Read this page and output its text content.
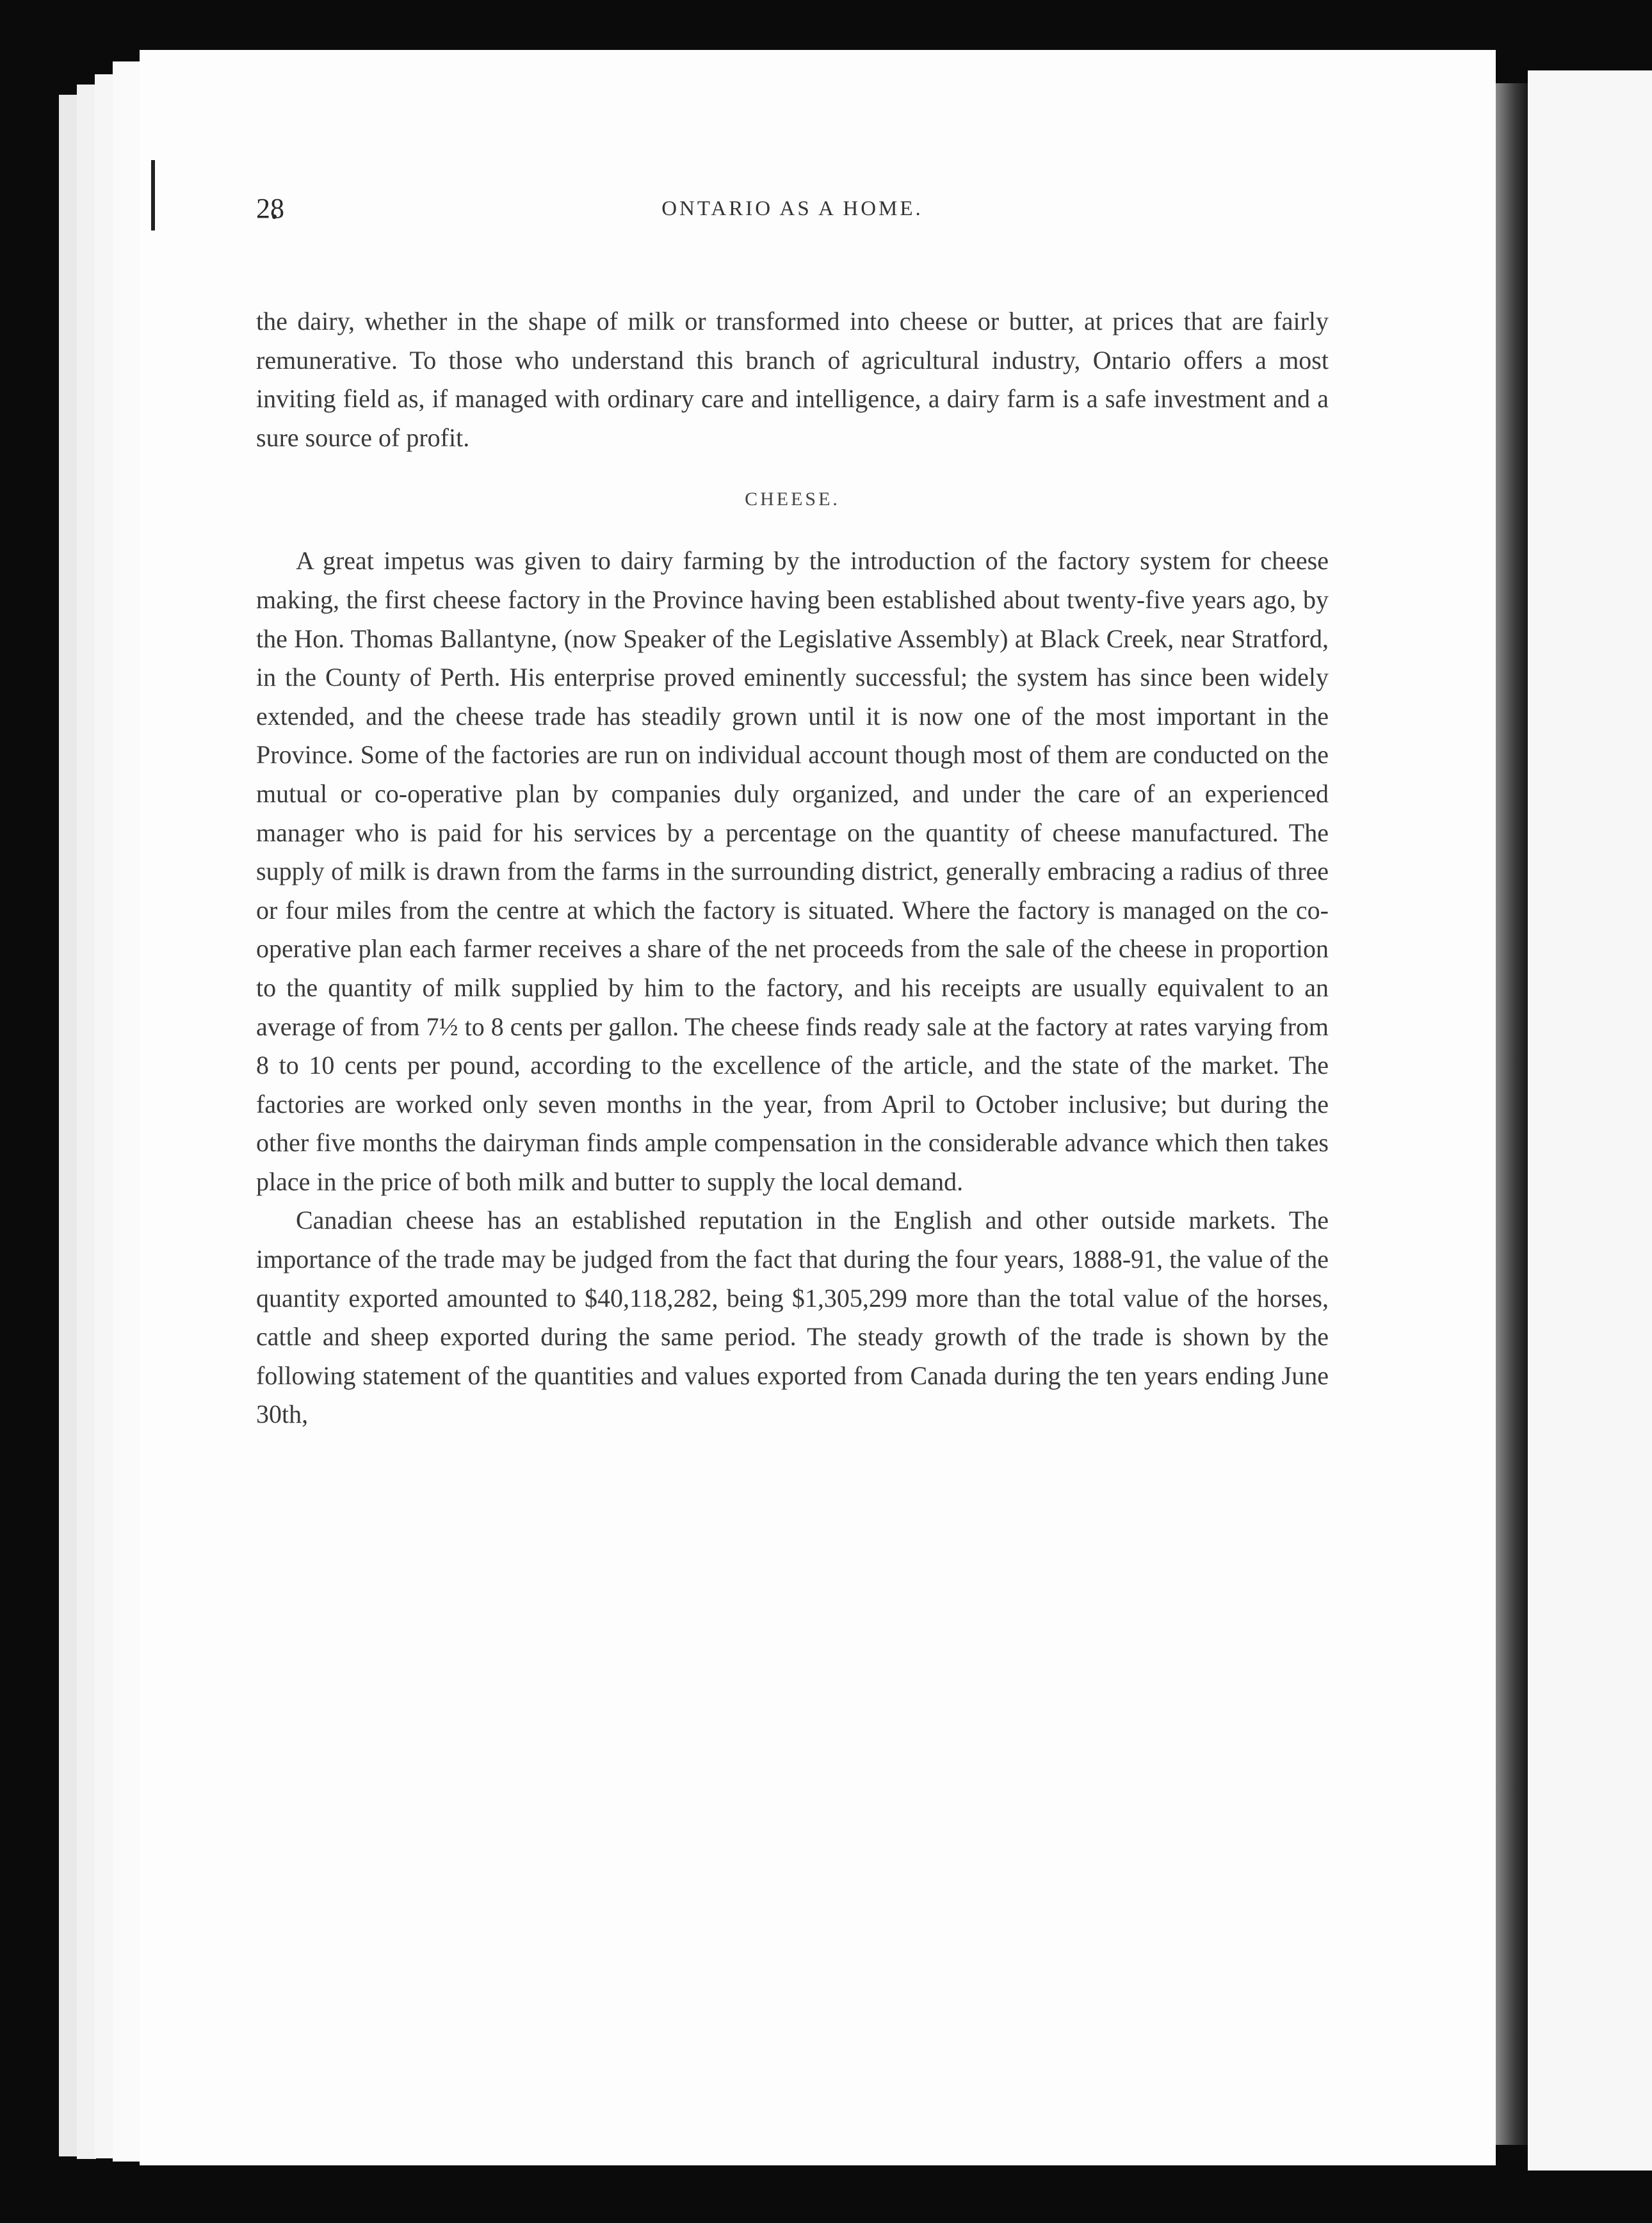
28	ONTARIO AS A HOME.

the dairy, whether in the shape of milk or transformed into cheese or butter, at prices that are fairly remunerative. To those who understand this branch of agricultural industry, Ontario offers a most inviting field as, if managed with ordinary care and intelligence, a dairy farm is a safe investment and a sure source of profit.

CHEESE.

A great impetus was given to dairy farming by the introduction of the factory system for cheese making, the first cheese factory in the Province having been established about twenty-five years ago, by the Hon. Thomas Ballantyne, (now Speaker of the Legislative Assembly) at Black Creek, near Stratford, in the County of Perth. His enterprise proved eminently successful; the system has since been widely extended, and the cheese trade has steadily grown until it is now one of the most important in the Province. Some of the factories are run on individual account though most of them are conducted on the mutual or co-operative plan by companies duly organized, and under the care of an experienced manager who is paid for his services by a percentage on the quantity of cheese manufactured. The supply of milk is drawn from the farms in the surrounding district, generally embracing a radius of three or four miles from the centre at which the factory is situated. Where the factory is managed on the co-operative plan each farmer receives a share of the net proceeds from the sale of the cheese in proportion to the quantity of milk supplied by him to the factory, and his receipts are usually equivalent to an average of from 7½ to 8 cents per gallon. The cheese finds ready sale at the factory at rates varying from 8 to 10 cents per pound, according to the excellence of the article, and the state of the market. The factories are worked only seven months in the year, from April to October inclusive; but during the other five months the dairyman finds ample compensation in the considerable advance which then takes place in the price of both milk and butter to supply the local demand.

Canadian cheese has an established reputation in the English and other outside markets. The importance of the trade may be judged from the fact that during the four years, 1888-91, the value of the quantity exported amounted to $40,118,282, being $1,305,299 more than the total value of the horses, cattle and sheep exported during the same period. The steady growth of the trade is shown by the following statement of the quantities and values exported from Canada during the ten years ending June 30th,
